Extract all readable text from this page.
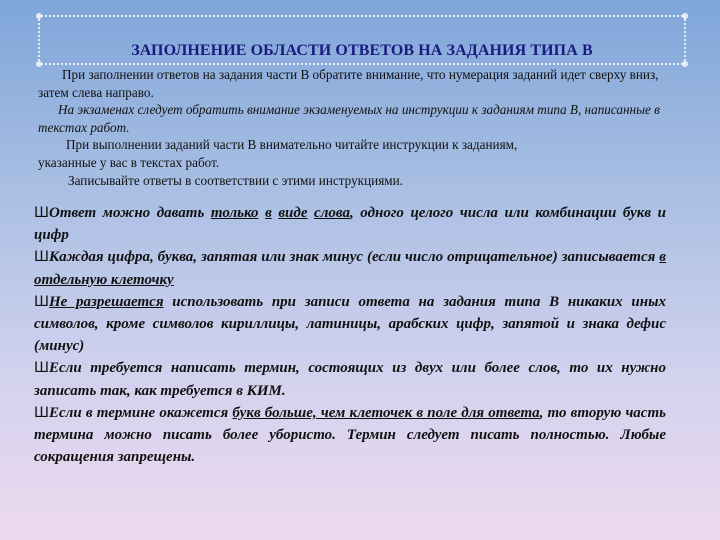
ЗАПОЛНЕНИЕ ОБЛАСТИ ОТВЕТОВ НА ЗАДАНИЯ ТИПА В

При заполнении ответов на задания части В обратите внимание, что нумерация заданий идет сверху вниз, затем слева направо.

На экзаменах следует обратить внимание экзаменуемых на инструкции к заданиям типа В, написанные в текстах работ.

При выполнении заданий части В внимательно читайте инструкции к заданиям,

указанные у вас в текстах работ.

Записывайте ответы в соответствии с этими инструкциями.

ШОтвет можно давать только в виде слова, одного целого числа или комбинации букв и цифр

ШКаждая цифра, буква, запятая или знак минус (если число отрицательное) записывается в отдельную клеточку

ШНе разрешается использовать при записи ответа на задания типа В никаких иных символов, кроме символов кириллицы, латиницы, арабских цифр, запятой и знака дефис (минус)

ШЕсли требуется написать термин, состоящих из двух или более слов, то их нужно записать так, как требуется в КИМ.

ШЕсли в термине окажется букв больше, чем клеточек в поле для ответа, то вторую часть термина можно писать более убористо. Термин следует писать полностью. Любые сокращения запрещены.
